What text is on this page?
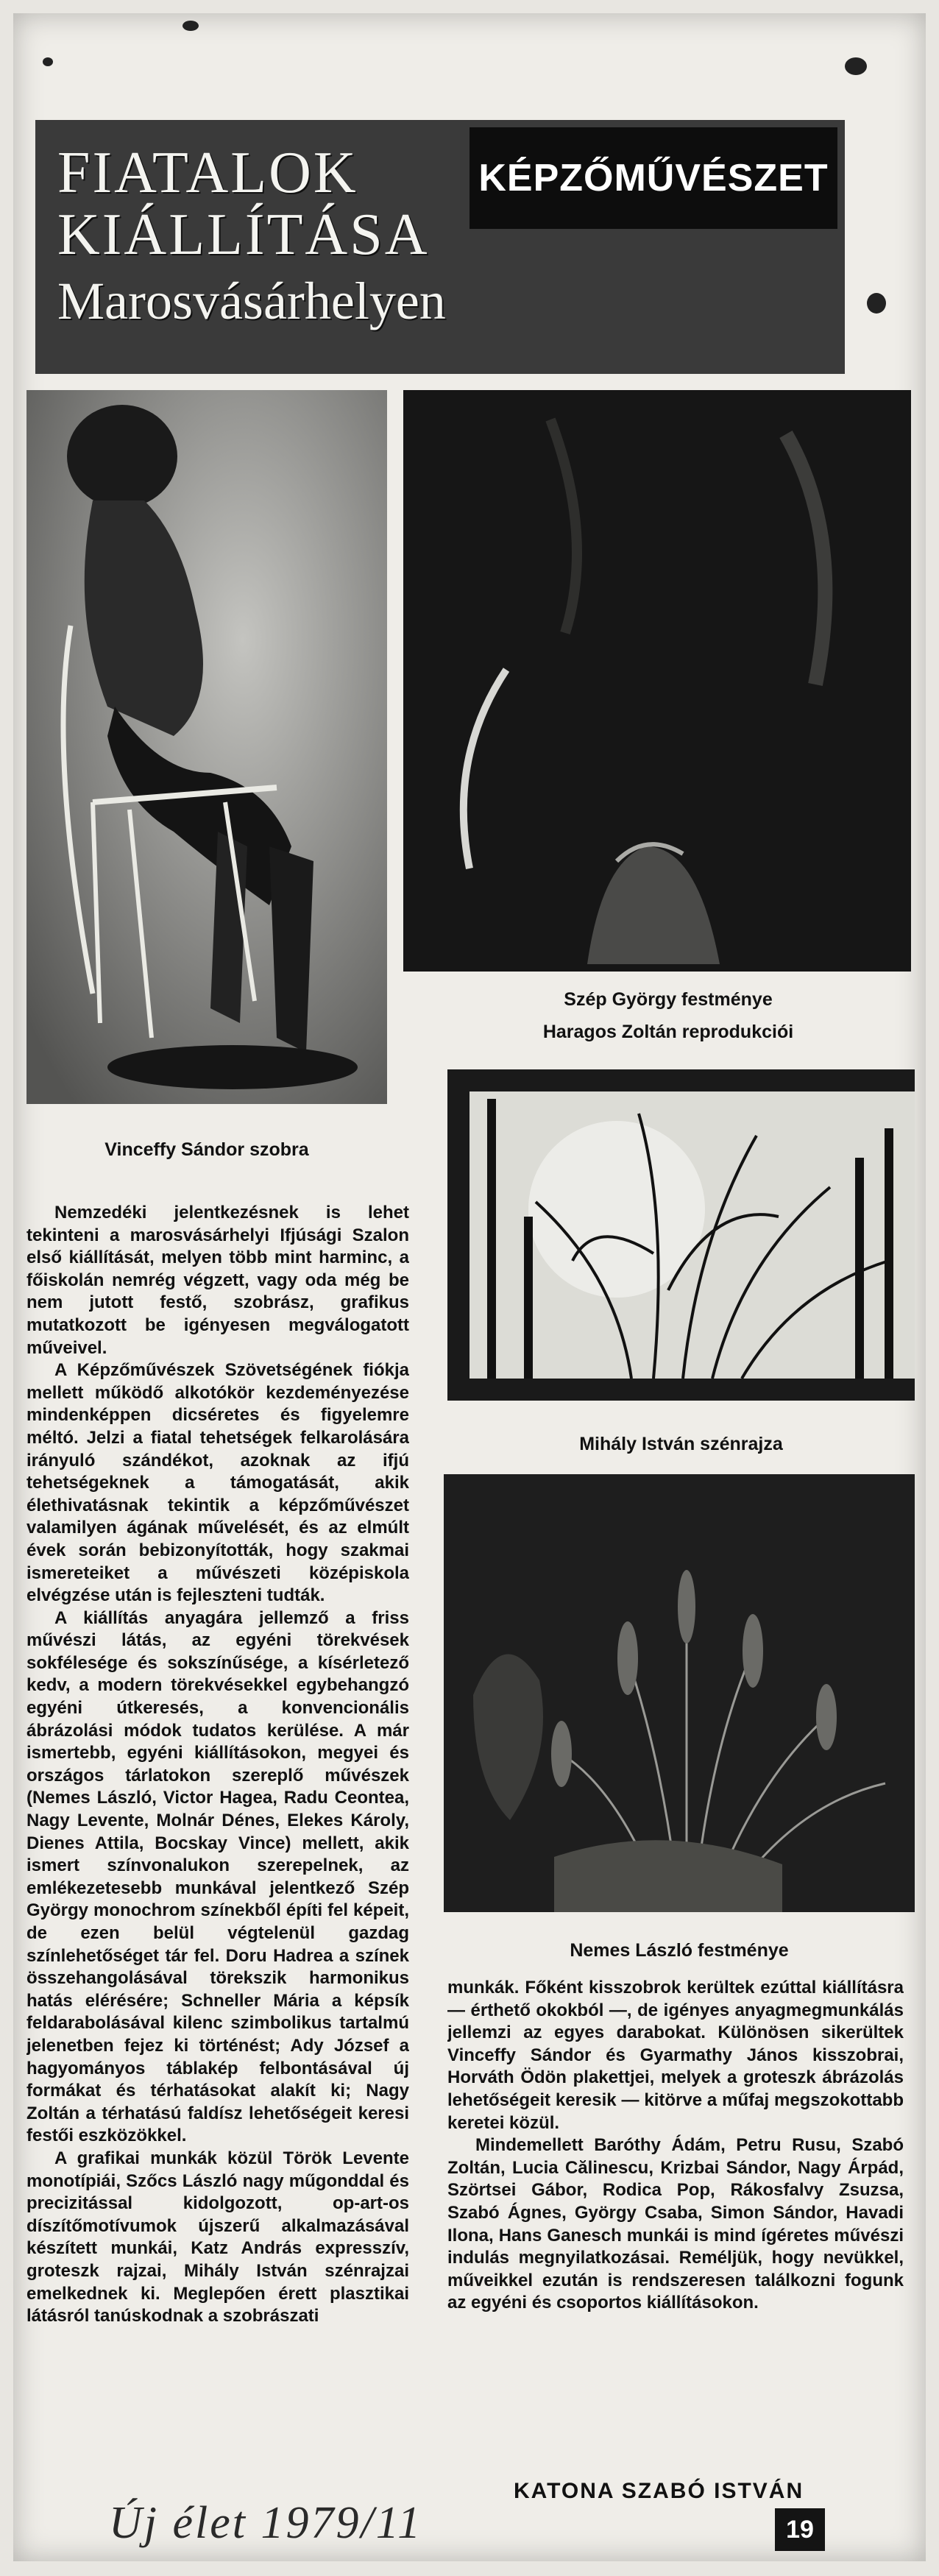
FIATALOK
KIÁLLÍTÁSA
Marosvásárhelyen
KÉPZŐMŰVÉSZET
Vinceffy Sándor szobra
Szép György festménye
Haragos Zoltán reprodukciói
Mihály István szénrajza
Nemes László festménye

Nemzedéki jelentkezésnek is lehet tekinteni a marosvásárhelyi Ifjúsági Szalon első kiállítását, melyen több mint harminc, a főiskolán nemrég végzett, vagy oda még be nem jutott festő, szobrász, grafikus mutatkozott be igényesen megválogatott műveivel.

A Képzőművészek Szövetségének fiókja mellett működő alkotókör kezdeményezése mindenképpen dicséretes és figyelemre méltó. Jelzi a fiatal tehetségek felkarolására irányuló szándékot, azoknak az ifjú tehetségeknek a támogatását, akik élethivatásnak tekintik a képzőművészet valamilyen ágának művelését, és az elmúlt évek során bebizonyították, hogy szakmai ismereteiket a művészeti középiskola elvégzése után is fejleszteni tudták.

A kiállítás anyagára jellemző a friss művészi látás, az egyéni törekvések sokfélesége és sokszínűsége, a kísérletező kedv, a modern törekvésekkel egybehangzó egyéni útkeresés, a konvencionális ábrázolási módok tudatos kerülése. A már ismertebb, egyéni kiállításokon, megyei és országos tárlatokon szereplő művészek (Nemes László, Victor Hagea, Radu Ceontea, Nagy Levente, Molnár Dénes, Elekes Károly, Dienes Attila, Bocskay Vince) mellett, akik ismert színvonalukon szerepelnek, az emlékezetesebb munkával jelentkező Szép György monochrom színekből építi fel képeit, de ezen belül végtelenül gazdag színlehetőséget tár fel. Doru Hadrea a színek összehangolásával törekszik harmonikus hatás elérésére; Schneller Mária a képsík feldarabolásával kilenc szimbolikus tartalmú jelenetben fejez ki történést; Ady József a hagyományos táblakép felbontásával új formákat és térhatásokat alakít ki; Nagy Zoltán a térhatású faldísz lehetőségeit keresi festői eszközökkel.

A grafikai munkák közül Török Levente monotípiái, Szőcs László nagy műgonddal és precizitással kidolgozott, op-art-os díszítőmotívumok újszerű alkalmazásával készített munkái, Katz András expresszív, groteszk rajzai, Mihály István szénrajzai emelkednek ki. Meglepően érett plasztikai látásról tanúskodnak a szobrászati

munkák. Főként kisszobrok kerültek ezúttal kiállításra — érthető okokból —, de igényes anyagmegmunkálás jellemzi az egyes darabokat. Különösen sikerültek Vinceffy Sándor és Gyarmathy János kisszobrai, Horváth Ödön plakettjei, melyek a groteszk ábrázolás lehetőségeit keresik — kitörve a műfaj megszokottabb keretei közül.

Mindemellett Baróthy Ádám, Petru Rusu, Szabó Zoltán, Lucia Călinescu, Krizbai Sándor, Nagy Árpád, Szörtsei Gábor, Rodica Pop, Rákosfalvy Zsuzsa, Szabó Ágnes, György Csaba, Simon Sándor, Havadi Ilona, Hans Ganesch munkái is mind ígéretes művészi indulás megnyilatkozásai. Reméljük, hogy nevükkel, műveikkel ezután is rendszeresen találkozni fogunk az egyéni és csoportos kiállításokon.

KATONA SZABÓ ISTVÁN
Új élet 1979/11	19
